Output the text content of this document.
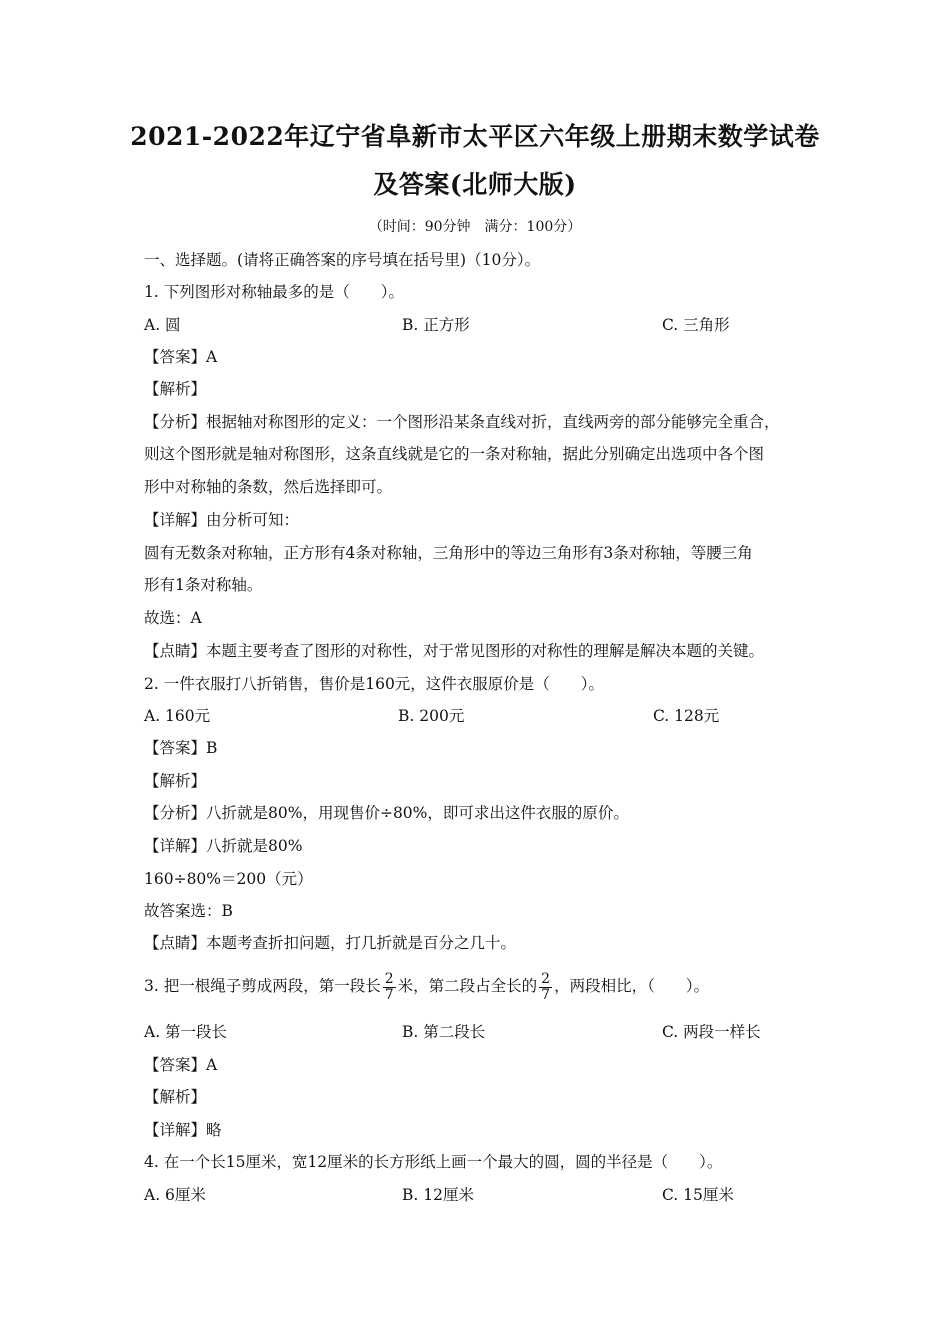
2021-2022年辽宁省阜新市太平区六年级上册期末数学试卷
及答案(北师大版)
（时间：90分钟　满分：100分）
一、选择题。(请将正确答案的序号填在括号里)（10分）。
1. 下列图形对称轴最多的是（　　）。
A. 圆	B. 正方形	C. 三角形
【答案】A
【解析】
【分析】根据轴对称图形的定义：一个图形沿某条直线对折，直线两旁的部分能够完全重合，
则这个图形就是轴对称图形，这条直线就是它的一条对称轴，据此分别确定出选项中各个图
形中对称轴的条数，然后选择即可。
【详解】由分析可知：
圆有无数条对称轴，正方形有4条对称轴，三角形中的等边三角形有3条对称轴，等腰三角
形有1条对称轴。
故选：A
【点睛】本题主要考查了图形的对称性，对于常见图形的对称性的理解是解决本题的关键。
2. 一件衣服打八折销售，售价是160元，这件衣服原价是（　　）。
A. 160元	B. 200元	C. 128元
【答案】B
【解析】
【分析】八折就是80%，用现售价÷80%，即可求出这件衣服的原价。
【详解】八折就是80%
160÷80%＝200（元）
故答案选：B
【点睛】本题考查折扣问题，打几折就是百分之几十。
3. 把一根绳子剪成两段，第一段长 $\frac{2}{7}$ 米，第二段占全长的 $\frac{2}{7}$ ，两段相比，（　　）。
A. 第一段长	B. 第二段长	C. 两段一样长
【答案】A
【解析】
【详解】略
4. 在一个长15厘米，宽12厘米的长方形纸上画一个最大的圆，圆的半径是（　　）。
A. 6厘米	B. 12厘米	C. 15厘米
